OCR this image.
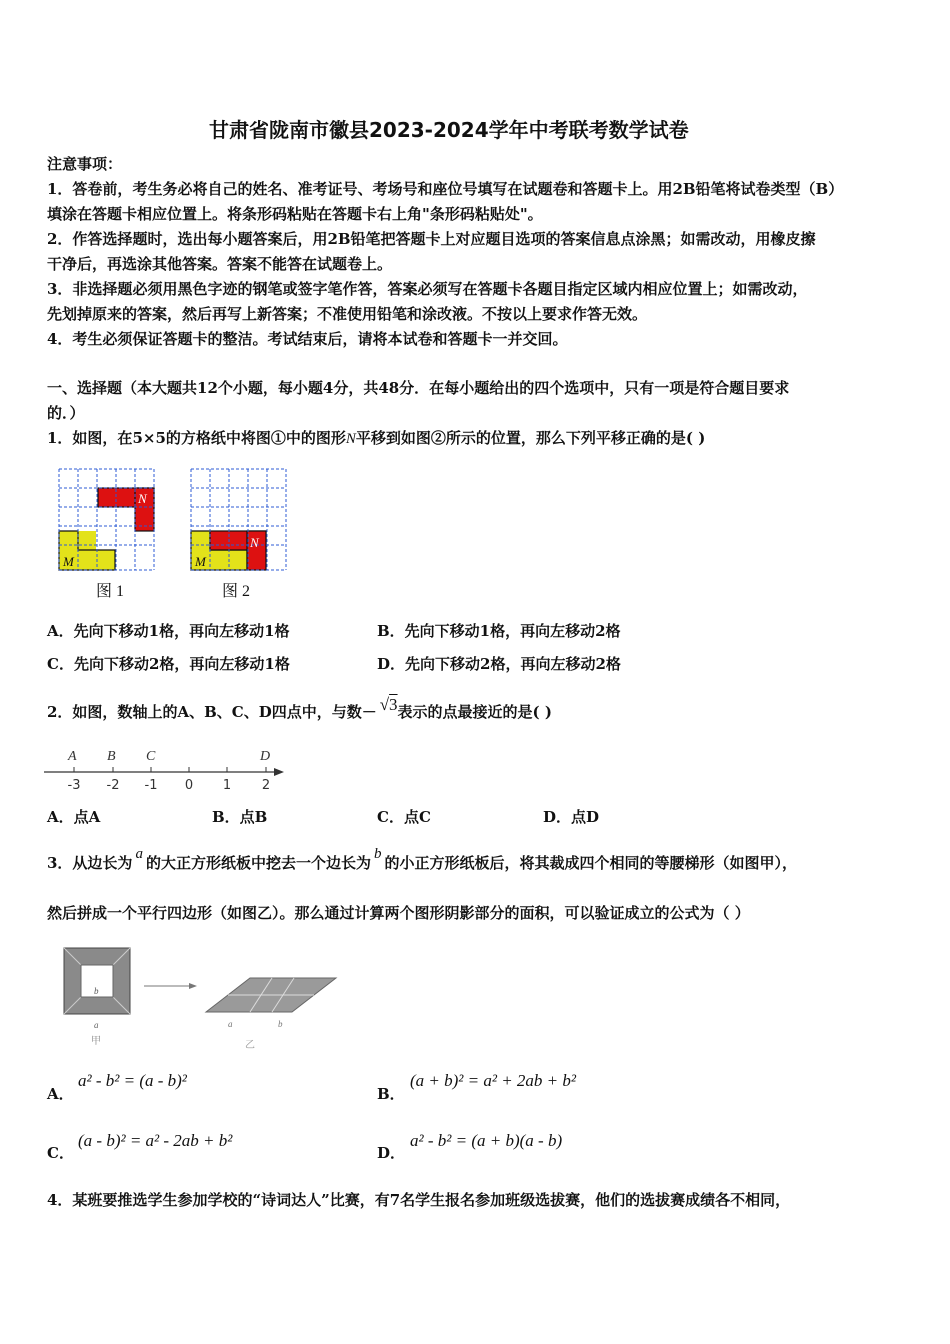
甘肃省陇南市徽县2023-2024学年中考联考数学试卷
注意事项：
1．答卷前，考生务必将自己的姓名、准考证号、考场号和座位号填写在试题卷和答题卡上。用2B铅笔将试卷类型（B）
填涂在答题卡相应位置上。将条形码粘贴在答题卡右上角"条形码粘贴处"。
2．作答选择题时，选出每小题答案后，用2B铅笔把答题卡上对应题目选项的答案信息点涂黑；如需改动，用橡皮擦
干净后，再选涂其他答案。答案不能答在试题卷上。
3．非选择题必须用黑色字迹的钢笔或签字笔作答，答案必须写在答题卡各题目指定区域内相应位置上；如需改动，
先划掉原来的答案，然后再写上新答案；不准使用铅笔和涂改液。不按以上要求作答无效。
4．考生必须保证答题卡的整洁。考试结束后，请将本试卷和答题卡一并交回。
一、选择题（本大题共12个小题，每小题4分，共48分．在每小题给出的四个选项中，只有一项是符合题目要求
的．）
1．如图，在5×5的方格纸中将图①中的图形N平移到如图②所示的位置，那么下列平移正确的是( )
N
M
图 1
N
M
图 2
A．先向下移动1格，再向左移动1格	B．先向下移动1格，再向左移动2格
C．先向下移动2格，再向左移动1格	D．先向下移动2格，再向左移动2格
2．如图，数轴上的A、B、C、D四点中，与数－ √3表示的点最接近的是( )
A B C	D
-3 -2 -1 0 1 2
A．点A	B．点B	C．点C	D．点D
3．从边长为 a 的大正方形纸板中挖去一个边长为 b 的小正方形纸板后，将其裁成四个相同的等腰梯形（如图甲），
然后拼成一个平行四边形（如图乙）。那么通过计算两个图形阴影部分的面积，可以验证成立的公式为（ ）
b
a
甲
a	b
乙
A．
a² - b² = (a - b)²
B．
(a + b)² = a² + 2ab + b²
C．
(a - b)² = a² - 2ab + b²
D．
a² - b² = (a + b)(a - b)
4．某班要推选学生参加学校的“诗词达人”比赛，有7名学生报名参加班级选拔赛，他们的选拔赛成绩各不相同，
